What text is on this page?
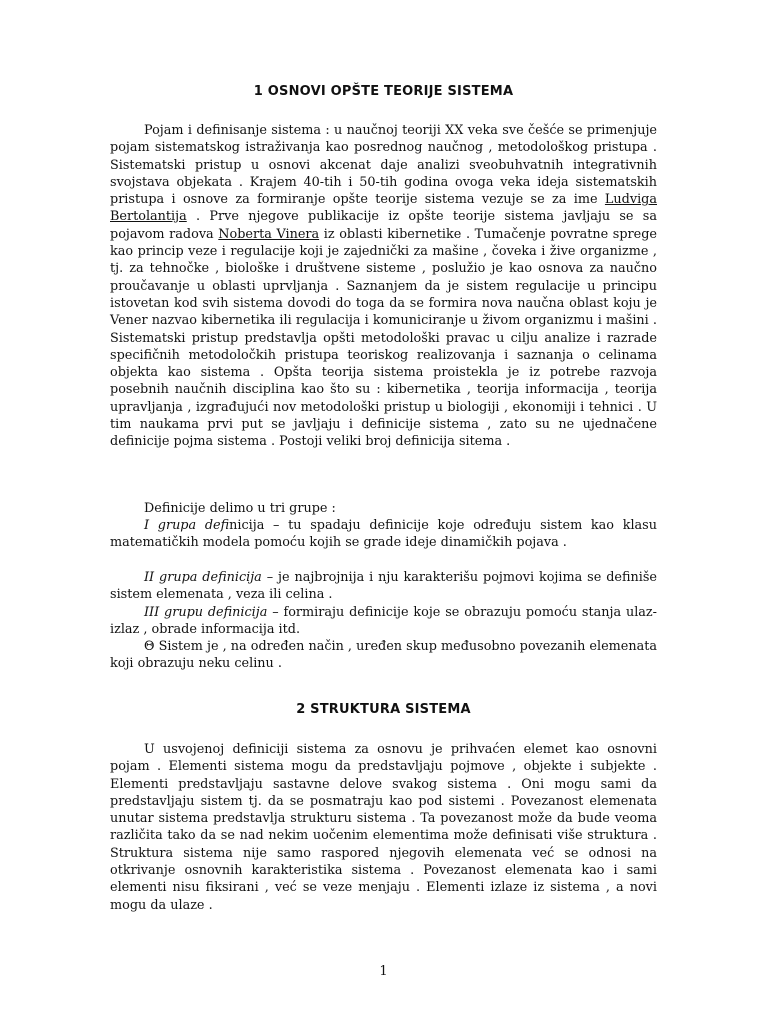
1 OSNOVI OPŠTE TEORIJE SISTEMA

Pojam i definisanje sistema : u naučnoj teoriji XX veka sve češće se primenjuje pojam sistematskog istraživanja kao posrednog naučnog , metodološkog pristupa . Sistematski pristup u osnovi akcenat daje analizi sveobuhvatnih integrativnih svojstava objekata . Krajem 40-tih i 50-tih godina ovoga veka ideja sistematskih pristupa i osnove za formiranje opšte teorije sistema vezuje se za ime Ludviga Bertolantija . Prve njegove publikacije iz opšte teorije sistema javljaju se sa pojavom radova Noberta Vinera iz oblasti kibernetike . Tumačenje povratne sprege kao princip veze i regulacije koji je zajednički za mašine , čoveka i žive organizme , tj. za tehnočke , biološke i društvene sisteme , poslužio je kao osnova za naučno proučavanje u oblasti uprvljanja . Saznanjem da je sistem regulacije u principu istovetan kod svih sistema dovodi do toga da se formira nova naučna oblast koju je Vener nazvao kibernetika ili regulacija i komuniciranje u živom organizmu i mašini . Sistematski pristup predstavlja opšti metodološki pravac u cilju analize i razrade specifičnih metodoločkih pristupa teoriskog realizovanja i saznanja o celinama objekta kao sistema . Opšta teorija sistema proistekla je iz potrebe razvoja posebnih naučnih disciplina kao što su : kibernetika , teorija informacija , teorija upravljanja , izgrađujući nov metodološki pristup u biologiji , ekonomiji i tehnici . U tim naukama prvi put se javljaju i definicije sistema , zato su ne ujednačene definicije pojma sistema . Postoji veliki broj definicija sitema .

Definicije delimo u tri grupe :

I grupa definicija – tu spadaju definicije koje određuju sistem kao klasu matematičkih modela pomoću kojih se grade ideje dinamičkih pojava .

II grupa definicija – je najbrojnija i nju karakterišu pojmovi kojima se definiše sistem elemenata , veza ili celina .

III grupu definicija – formiraju definicije koje se obrazuju pomoću stanja ulaz-izlaz , obrade informacija itd.

Θ Sistem je , na određen način , uređen skup međusobno povezanih elemenata koji obrazuju neku celinu .

2 STRUKTURA SISTEMA

U usvojenoj definiciji sistema za osnovu je prihvaćen elemet kao osnovni pojam . Elementi sistema mogu da predstavljaju pojmove , objekte i subjekte . Elementi predstavljaju sastavne delove svakog sistema . Oni mogu sami da predstavljaju sistem tj. da se posmatraju kao pod sistemi . Povezanost elemenata unutar sistema predstavlja strukturu sistema . Ta povezanost može da bude veoma različita tako da se nad nekim uočenim elementima može definisati više struktura . Struktura sistema nije samo raspored njegovih elemenata već se odnosi na otkrivanje osnovnih karakteristika sistema . Povezanost elemenata kao i sami elementi nisu fiksirani , već se veze menjaju . Elementi izlaze iz sistema , a novi mogu da ulaze .

1
